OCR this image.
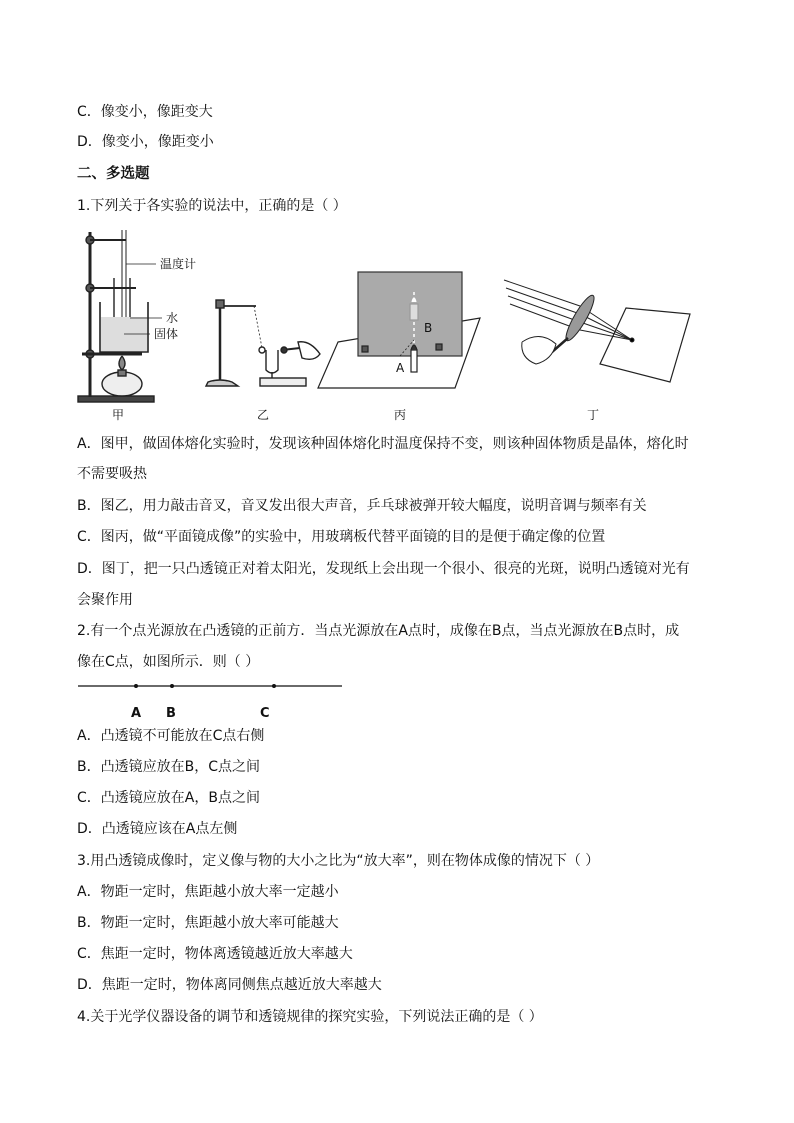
C．像变小，像距变大
D．像变小，像距变小
二、多选题
1.下列关于各实验的说法中，正确的是（ ）
温度计
水
固体	B
A
甲	乙	丙	丁
A．图甲，做固体熔化实验时，发现该种固体熔化时温度保持不变，则该种固体物质是晶体，熔化时
不需要吸热
B．图乙，用力敲击音叉，音叉发出很大声音，乒乓球被弹开较大幅度，说明音调与频率有关
C．图丙，做“平面镜成像”的实验中，用玻璃板代替平面镜的目的是便于确定像的位置
D．图丁，把一只凸透镜正对着太阳光，发现纸上会出现一个很小、很亮的光斑，说明凸透镜对光有
会聚作用
2.有一个点光源放在凸透镜的正前方．当点光源放在A点时，成像在B点，当点光源放在B点时，成
像在C点，如图所示．则（ ）
A B	C
A．凸透镜不可能放在C点右侧
B．凸透镜应放在B，C点之间
C．凸透镜应放在A，B点之间
D．凸透镜应该在A点左侧
3.用凸透镜成像时，定义像与物的大小之比为“放大率”，则在物体成像的情况下（ ）
A．物距一定时，焦距越小放大率一定越小
B．物距一定时，焦距越小放大率可能越大
C．焦距一定时，物体离透镜越近放大率越大
D．焦距一定时，物体离同侧焦点越近放大率越大
4.关于光学仪器设备的调节和透镜规律的探究实验，下列说法正确的是（ ）
